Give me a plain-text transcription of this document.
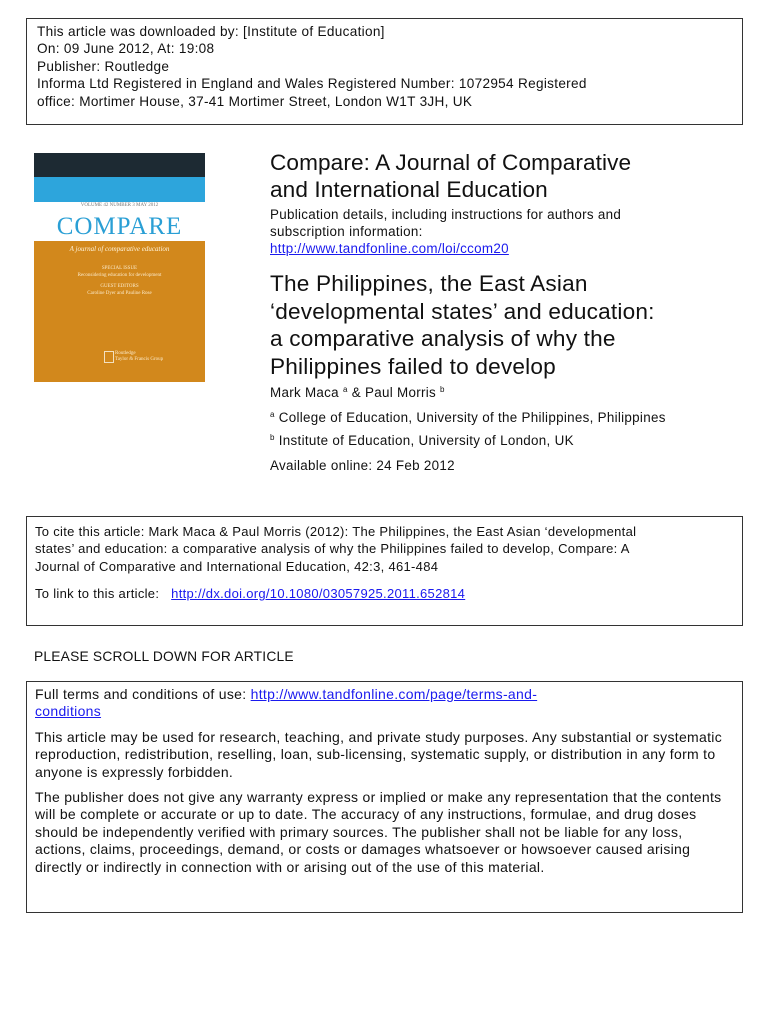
This article was downloaded by: [Institute of Education]
On: 09 June 2012, At: 19:08
Publisher: Routledge
Informa Ltd Registered in England and Wales Registered Number: 1072954 Registered
office: Mortimer House, 37-41 Mortimer Street, London W1T 3JH, UK
VOLUME 42 NUMBER 3 MAY 2012
COMPARE
A journal of comparative education
SPECIAL ISSUE
Reconsidering education for development
GUEST EDITORS
Caroline Dyer and Pauline Rose
Routledge
Taylor & Francis Group
Compare: A Journal of Comparative
and International Education
Publication details, including instructions for authors and
subscription information:
http://www.tandfonline.com/loi/ccom20
The Philippines, the East Asian
‘developmental states’ and education:
a comparative analysis of why the
Philippines failed to develop
Mark Maca $^a$ & Paul Morris $^b$
$^a$ College of Education, University of the Philippines, Philippines
$^b$ Institute of Education, University of London, UK
Available online: 24 Feb 2012
To cite this article: Mark Maca & Paul Morris (2012): The Philippines, the East Asian ‘developmental
states’ and education: a comparative analysis of why the Philippines failed to develop, Compare: A
Journal of Comparative and International Education, 42:3, 461-484
To link to this article: http://dx.doi.org/10.1080/03057925.2011.652814
PLEASE SCROLL DOWN FOR ARTICLE

Full terms and conditions of use: http://www.tandfonline.com/page/terms-and-
conditions

This article may be used for research, teaching, and private study purposes. Any substantial or systematic reproduction, redistribution, reselling, loan, sub-licensing, systematic supply, or distribution in any form to anyone is expressly forbidden.

The publisher does not give any warranty express or implied or make any representation that the contents will be complete or accurate or up to date. The accuracy of any instructions, formulae, and drug doses should be independently verified with primary sources. The publisher shall not be liable for any loss, actions, claims, proceedings, demand, or costs or damages whatsoever or howsoever caused arising directly or indirectly in connection with or arising out of the use of this material.
